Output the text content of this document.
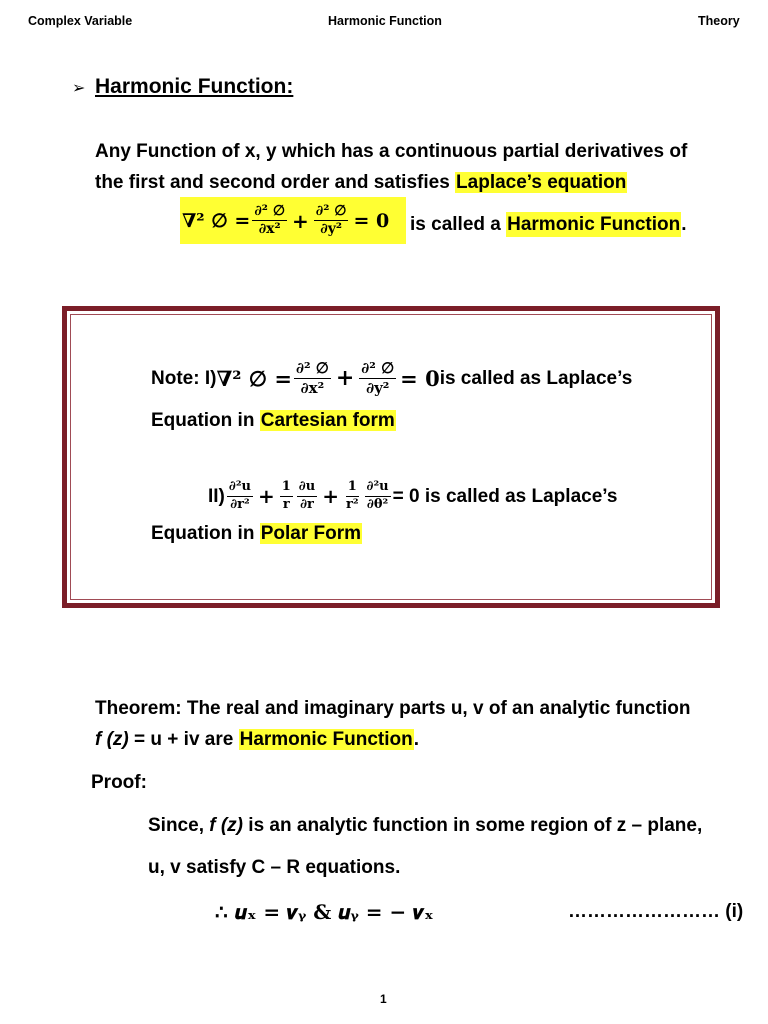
Complex Variable	Harmonic Function	Theory
➢ Harmonic Function:
Any Function of x, y which has a continuous partial derivatives of
the first and second order and satisfies Laplace’s equation
∇² ∅ = $\frac{\text{∂² ∅}}{\text{∂x²}} + \frac{\text{∂² ∅}}{\text{∂y²}}$ = 𝟎 is called a Harmonic Function.
Note: I) ∇² ∅ = $\frac{\text{∂² ∅}}{\text{∂x²}} + \frac{\text{∂² ∅}}{\text{∂y²}} = 0$ is called as Laplace’s
Equation in Cartesian form
$II) \frac{\text{∂²u}}{\text{∂r²}} + \frac{1}{r} \frac{\partial u}{\partial r} + \frac{1}{\text{r²}} \frac{\text{∂²u}}{\text{∂θ²}} = 0$ is called as Laplace’s
Equation in Polar Form
Theorem: The real and imaginary parts u, v of an analytic function
f (z) = u + iv are Harmonic Function.
Proof:
Since, f (z) is an analytic function in some region of z – plane,
u, v satisfy C – R equations.
∴ 𝒖ₓ = 𝒗ᵧ & 𝒖ᵧ = − 𝒗ₓ	…………………… (i)
1
